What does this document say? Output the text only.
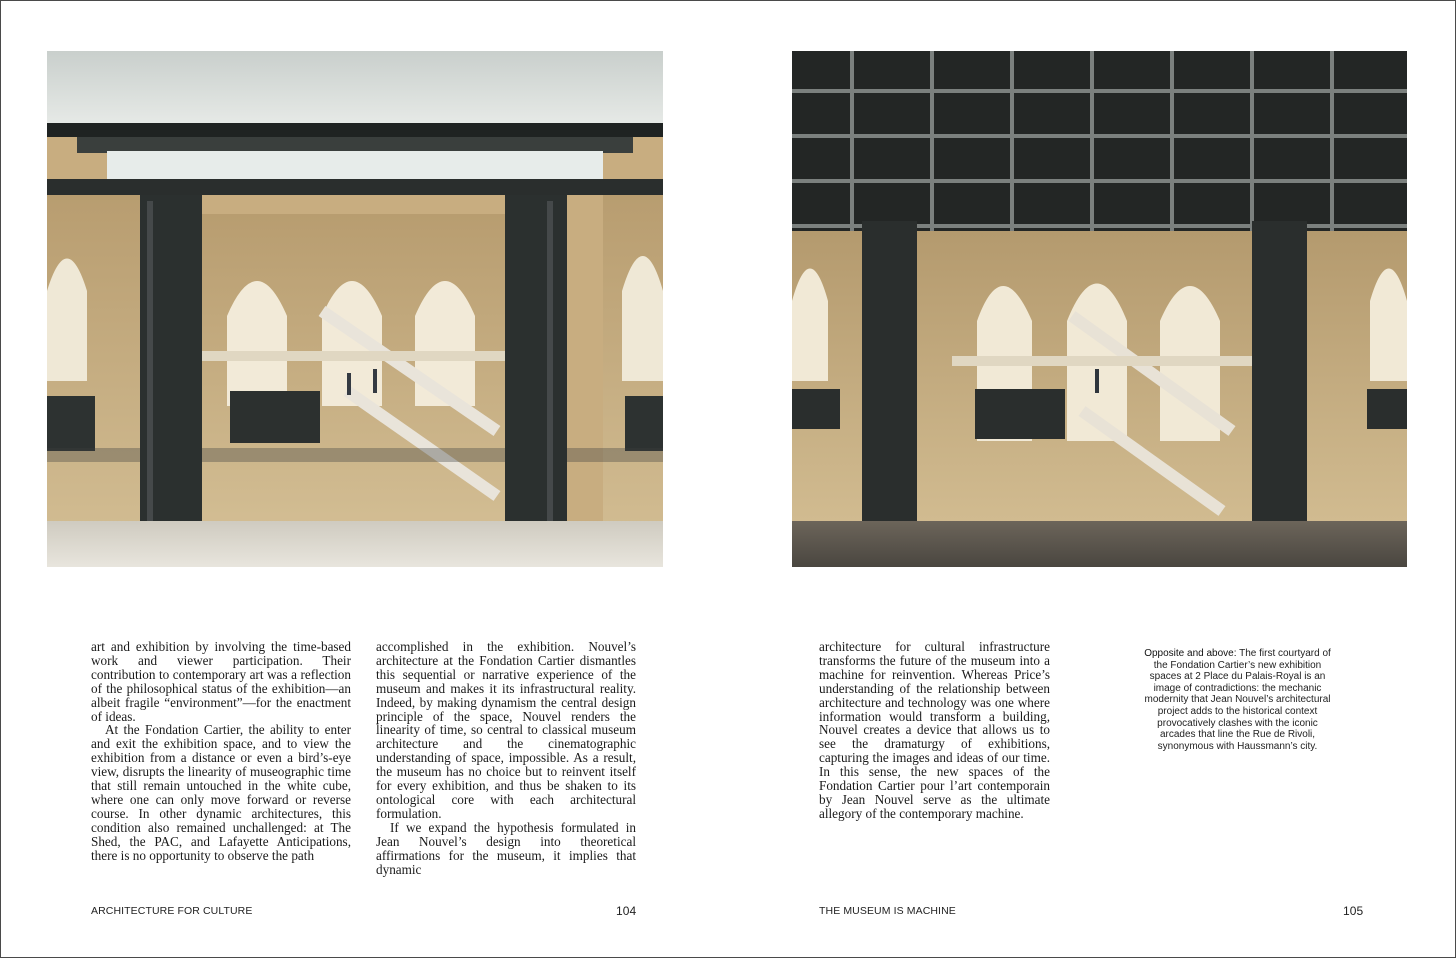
art and exhibition by involving the time-based work and viewer participation. Their contribution to contemporary art was a reflection of the philosophical status of the exhibition—an albeit fragile “environment”—for the enactment of ideas.

At the Fondation Cartier, the ability to enter and exit the exhibition space, and to view the exhibition from a distance or even a bird’s-eye view, disrupts the linearity of museographic time that still remain untouched in the white cube, where one can only move forward or reverse course. In other dynamic architectures, this condition also remained unchallenged: at The Shed, the PAC, and Lafayette Anticipations, there is no opportunity to observe the path

accomplished in the exhibition. Nouvel’s architecture at the Fondation Cartier dismantles this sequential or narrative experience of the museum and makes it its infrastructural reality. Indeed, by making dynamism the central design principle of the space, Nouvel renders the linearity of time, so central to classical museum architecture and the cinematographic understanding of space, impossible. As a result, the museum has no choice but to reinvent itself for every exhibition, and thus be shaken to its ontological core with each architectural formulation.

If we expand the hypothesis formulated in Jean Nouvel’s design into theoretical affirmations for the museum, it implies that dynamic

architecture for cultural infrastructure transforms the future of the museum into a machine for reinvention. Whereas Price’s understanding of the relationship between architecture and technology was one where information would transform a building, Nouvel creates a device that allows us to see the dramaturgy of exhibitions, capturing the images and ideas of our time. In this sense, the new spaces of the Fondation Cartier pour l’art contemporain by Jean Nouvel serve as the ultimate allegory of the contemporary machine.

Opposite and above: The first courtyard of the Fondation Cartier’s new exhibition spaces at 2 Place du Palais-Royal is an image of contradictions: the mechanic modernity that Jean Nouvel’s architectural project adds to the historical context provocatively clashes with the iconic arcades that line the Rue de Rivoli, synonymous with Haussmann’s city.
ARCHITECTURE FOR CULTURE	104	THE MUSEUM IS MACHINE	105
